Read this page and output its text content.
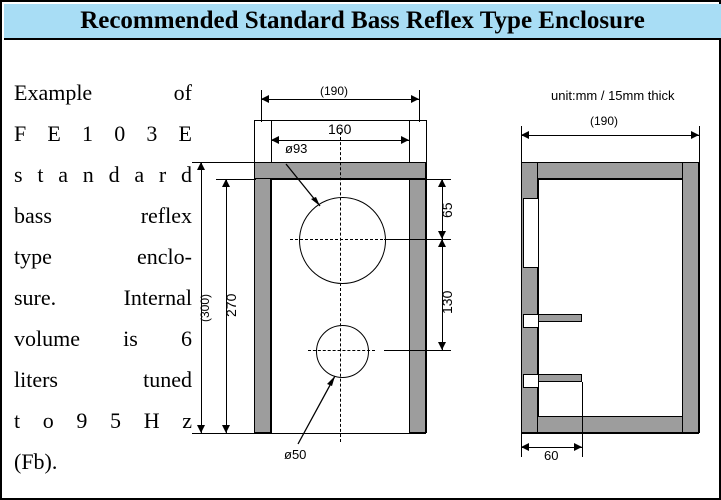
Recommended Standard Bass Reflex Type Enclosure
Example of
F E 1 0 3 E
s t a n d a r d
bass reflex
type enclo-
sure. Internal
volume is 6
liters tuned
t o 9 5 H z
(Fb).
(190)
160
(300) 270
65
130
ø93
ø50
unit:mm / 15mm thick
(190)
60
